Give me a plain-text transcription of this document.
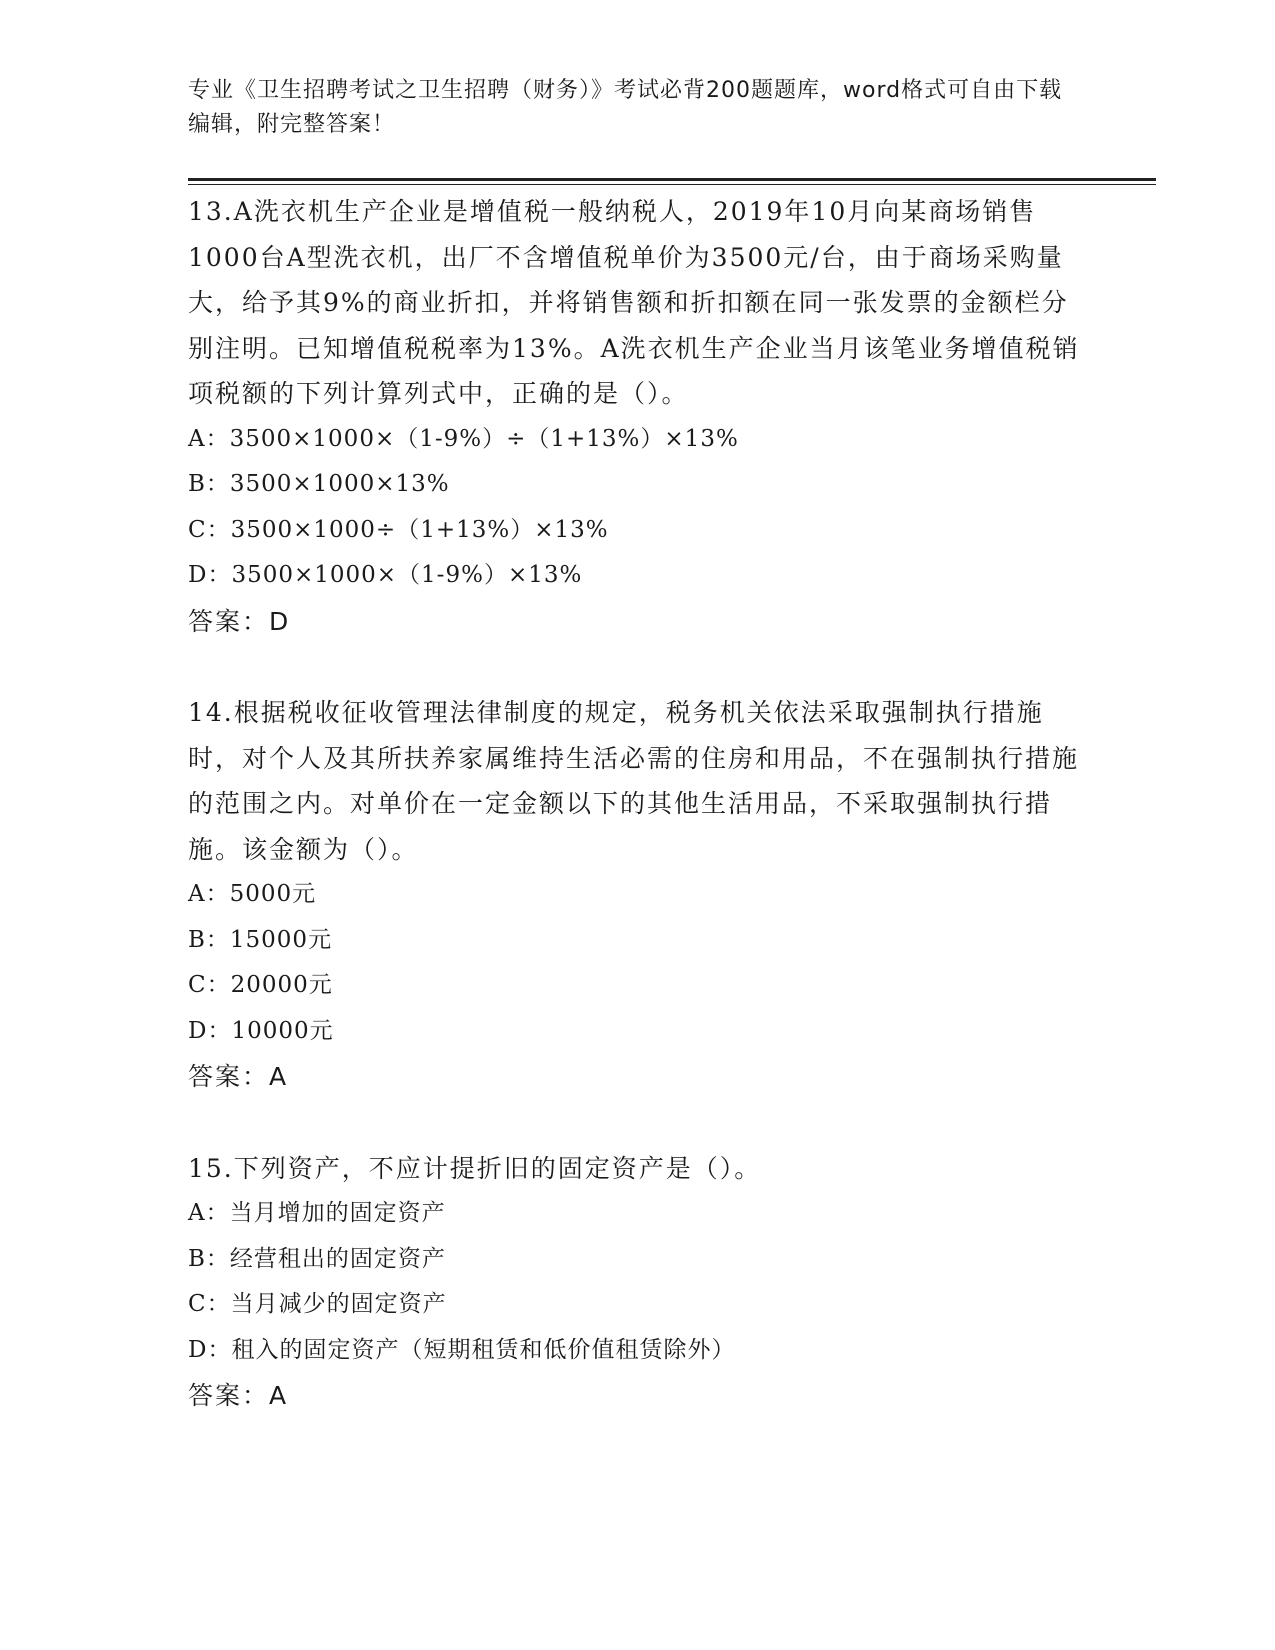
专业《卫生招聘考试之卫生招聘（财务）》考试必背200题题库，word格式可自由下载编辑，附完整答案！

13.A洗衣机生产企业是增值税一般纳税人，2019年10月向某商场销售1000台A型洗衣机，出厂不含增值税单价为3500元/台，由于商场采购量大，给予其9%的商业折扣，并将销售额和折扣额在同一张发票的金额栏分别注明。已知增值税税率为13%。A洗衣机生产企业当月该笔业务增值税销项税额的下列计算列式中，正确的是（）。

A：3500×1000×（1-9%）÷（1+13%）×13%

B：3500×1000×13%

C：3500×1000÷（1+13%）×13%

D：3500×1000×（1-9%）×13%

答案：D

14.根据税收征收管理法律制度的规定，税务机关依法采取强制执行措施时，对个人及其所扶养家属维持生活必需的住房和用品，不在强制执行措施的范围之内。对单价在一定金额以下的其他生活用品，不采取强制执行措施。该金额为（）。

A：5000元

B：15000元

C：20000元

D：10000元

答案：A

15.下列资产，不应计提折旧的固定资产是（）。

A：当月增加的固定资产

B：经营租出的固定资产

C：当月减少的固定资产

D：租入的固定资产（短期租赁和低价值租赁除外）

答案：A
